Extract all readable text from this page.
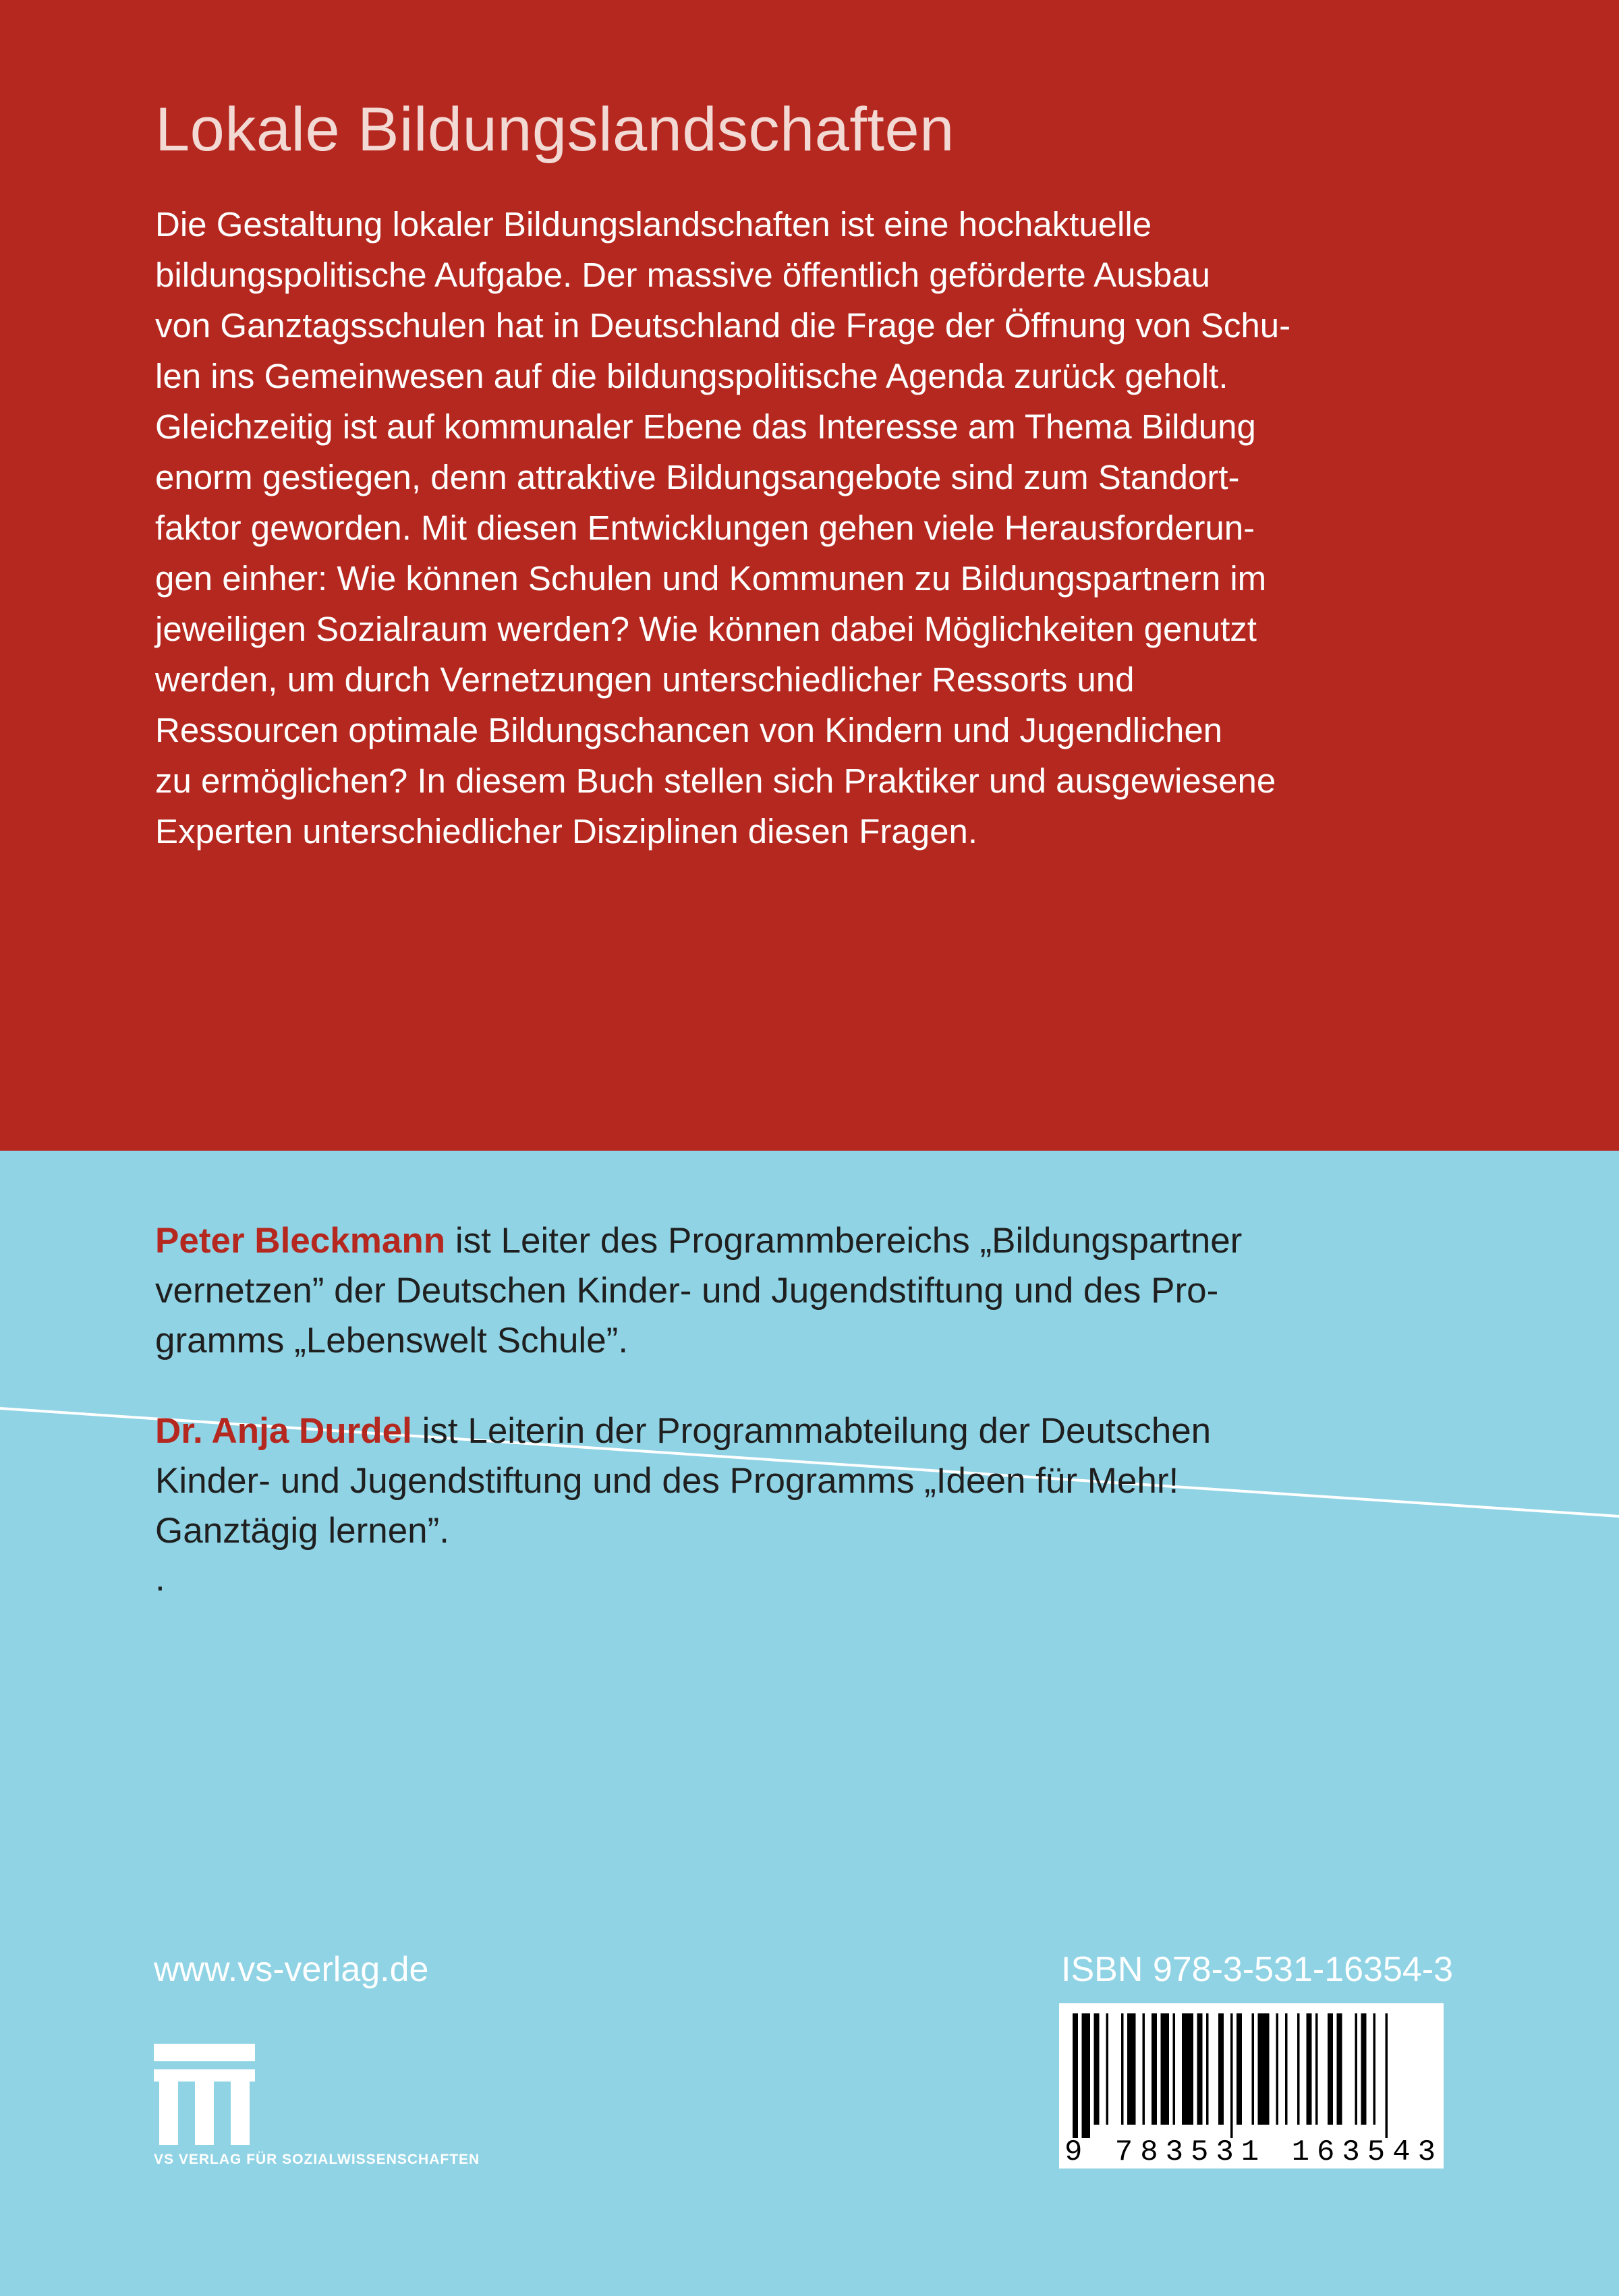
Lokale Bildungslandschaften

Die Gestaltung lokaler Bildungslandschaften ist eine hochaktuelle
bildungspolitische Aufgabe. Der massive öffentlich geförderte Ausbau
von Ganztagsschulen hat in Deutschland die Frage der Öffnung von Schu-
len ins Gemeinwesen auf die bildungspolitische Agenda zurück geholt.
Gleichzeitig ist auf kommunaler Ebene das Interesse am Thema Bildung
enorm gestiegen, denn attraktive Bildungsangebote sind zum Standort-
faktor geworden. Mit diesen Entwicklungen gehen viele Herausforderun-
gen einher: Wie können Schulen und Kommunen zu Bildungspartnern im
jeweiligen Sozialraum werden? Wie können dabei Möglichkeiten genutzt
werden, um durch Vernetzungen unterschiedlicher Ressorts und
Ressourcen optimale Bildungschancen von Kindern und Jugendlichen
zu ermöglichen? In diesem Buch stellen sich Praktiker und ausgewiesene
Experten unterschiedlicher Disziplinen diesen Fragen.

Peter Bleckmann ist Leiter des Programmbereichs „Bildungspartner
vernetzen” der Deutschen Kinder- und Jugendstiftung und des Pro-
gramms „Lebenswelt Schule”.

Dr. Anja Durdel ist Leiterin der Programmabteilung der Deutschen
Kinder- und Jugendstiftung und des Programms „Ideen für Mehr!
Ganztägig lernen”.

.
www.vs-verlag.de	ISBN 978-3-531-16354-3
9 783531 163543
VS VERLAG FÜR SOZIALWISSENSCHAFTEN
